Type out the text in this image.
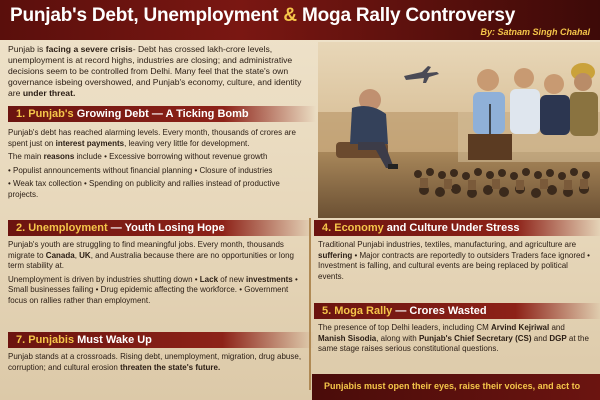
Punjab's Debt, Unemployment & Moga Rally Controversy
By: Satnam Singh Chahal
Punjab is facing a severe crisis- Debt has crossed lakh-crore levels, unemployment is at record highs, industries are closing; and administrative decisions seem to be controlled from Delhi. Many feel that the state's own governance isbeing overshowed, and Punjab's economy, culture, and identity are under threat.
1. Punjab's Growing Debt — A Ticking Bomb

Punjab's debt has reached alarming levels. Every month, thousands of crores are spent just on interest payments, leaving very little for development.

The main reasons include • Excessive borrowing without revenue growth

• Populist announcements without financial planning • Closure of industries

• Weak tax collection • Spending on publicity and rallies instead of productive projects.

2. Unemployment — Youth Losing Hope

Punjab's youth are struggling to find meaningful jobs. Every month, thousands migrate to Canada, UK, and Australia because there are no opportunities or long term stability at.

Unemployment is driven by industries shutting down • Lack of new investments • Small businesses failing • Drug epidemic affecting the workforce. • Government focus on rallies rather than employment.

7. Punjabis Must Wake Up

Punjab stands at a crossroads. Rising debt, unemployment, migration, drug abuse, corruption; and cultural erosion threaten the state's future.

4. Economy and Culture Under Stress

Traditional Punjabi industries, textiles, manufacturing, and agriculture are suffering • Major contracts are reportedly to outsiders Traders face ignored • Investment is falling, and cultural events are being replaced by political events.

5. Moga Rally — Crores Wasted

The presence of top Delhi leaders, including CM Arvind Kejriwal and Manish Sisodia, along with Punjab's Chief Secretary (CS) and DGP at the same stage raises serious constitutional questions.

Punjabis must open their eyes, raise their voices, and act to
